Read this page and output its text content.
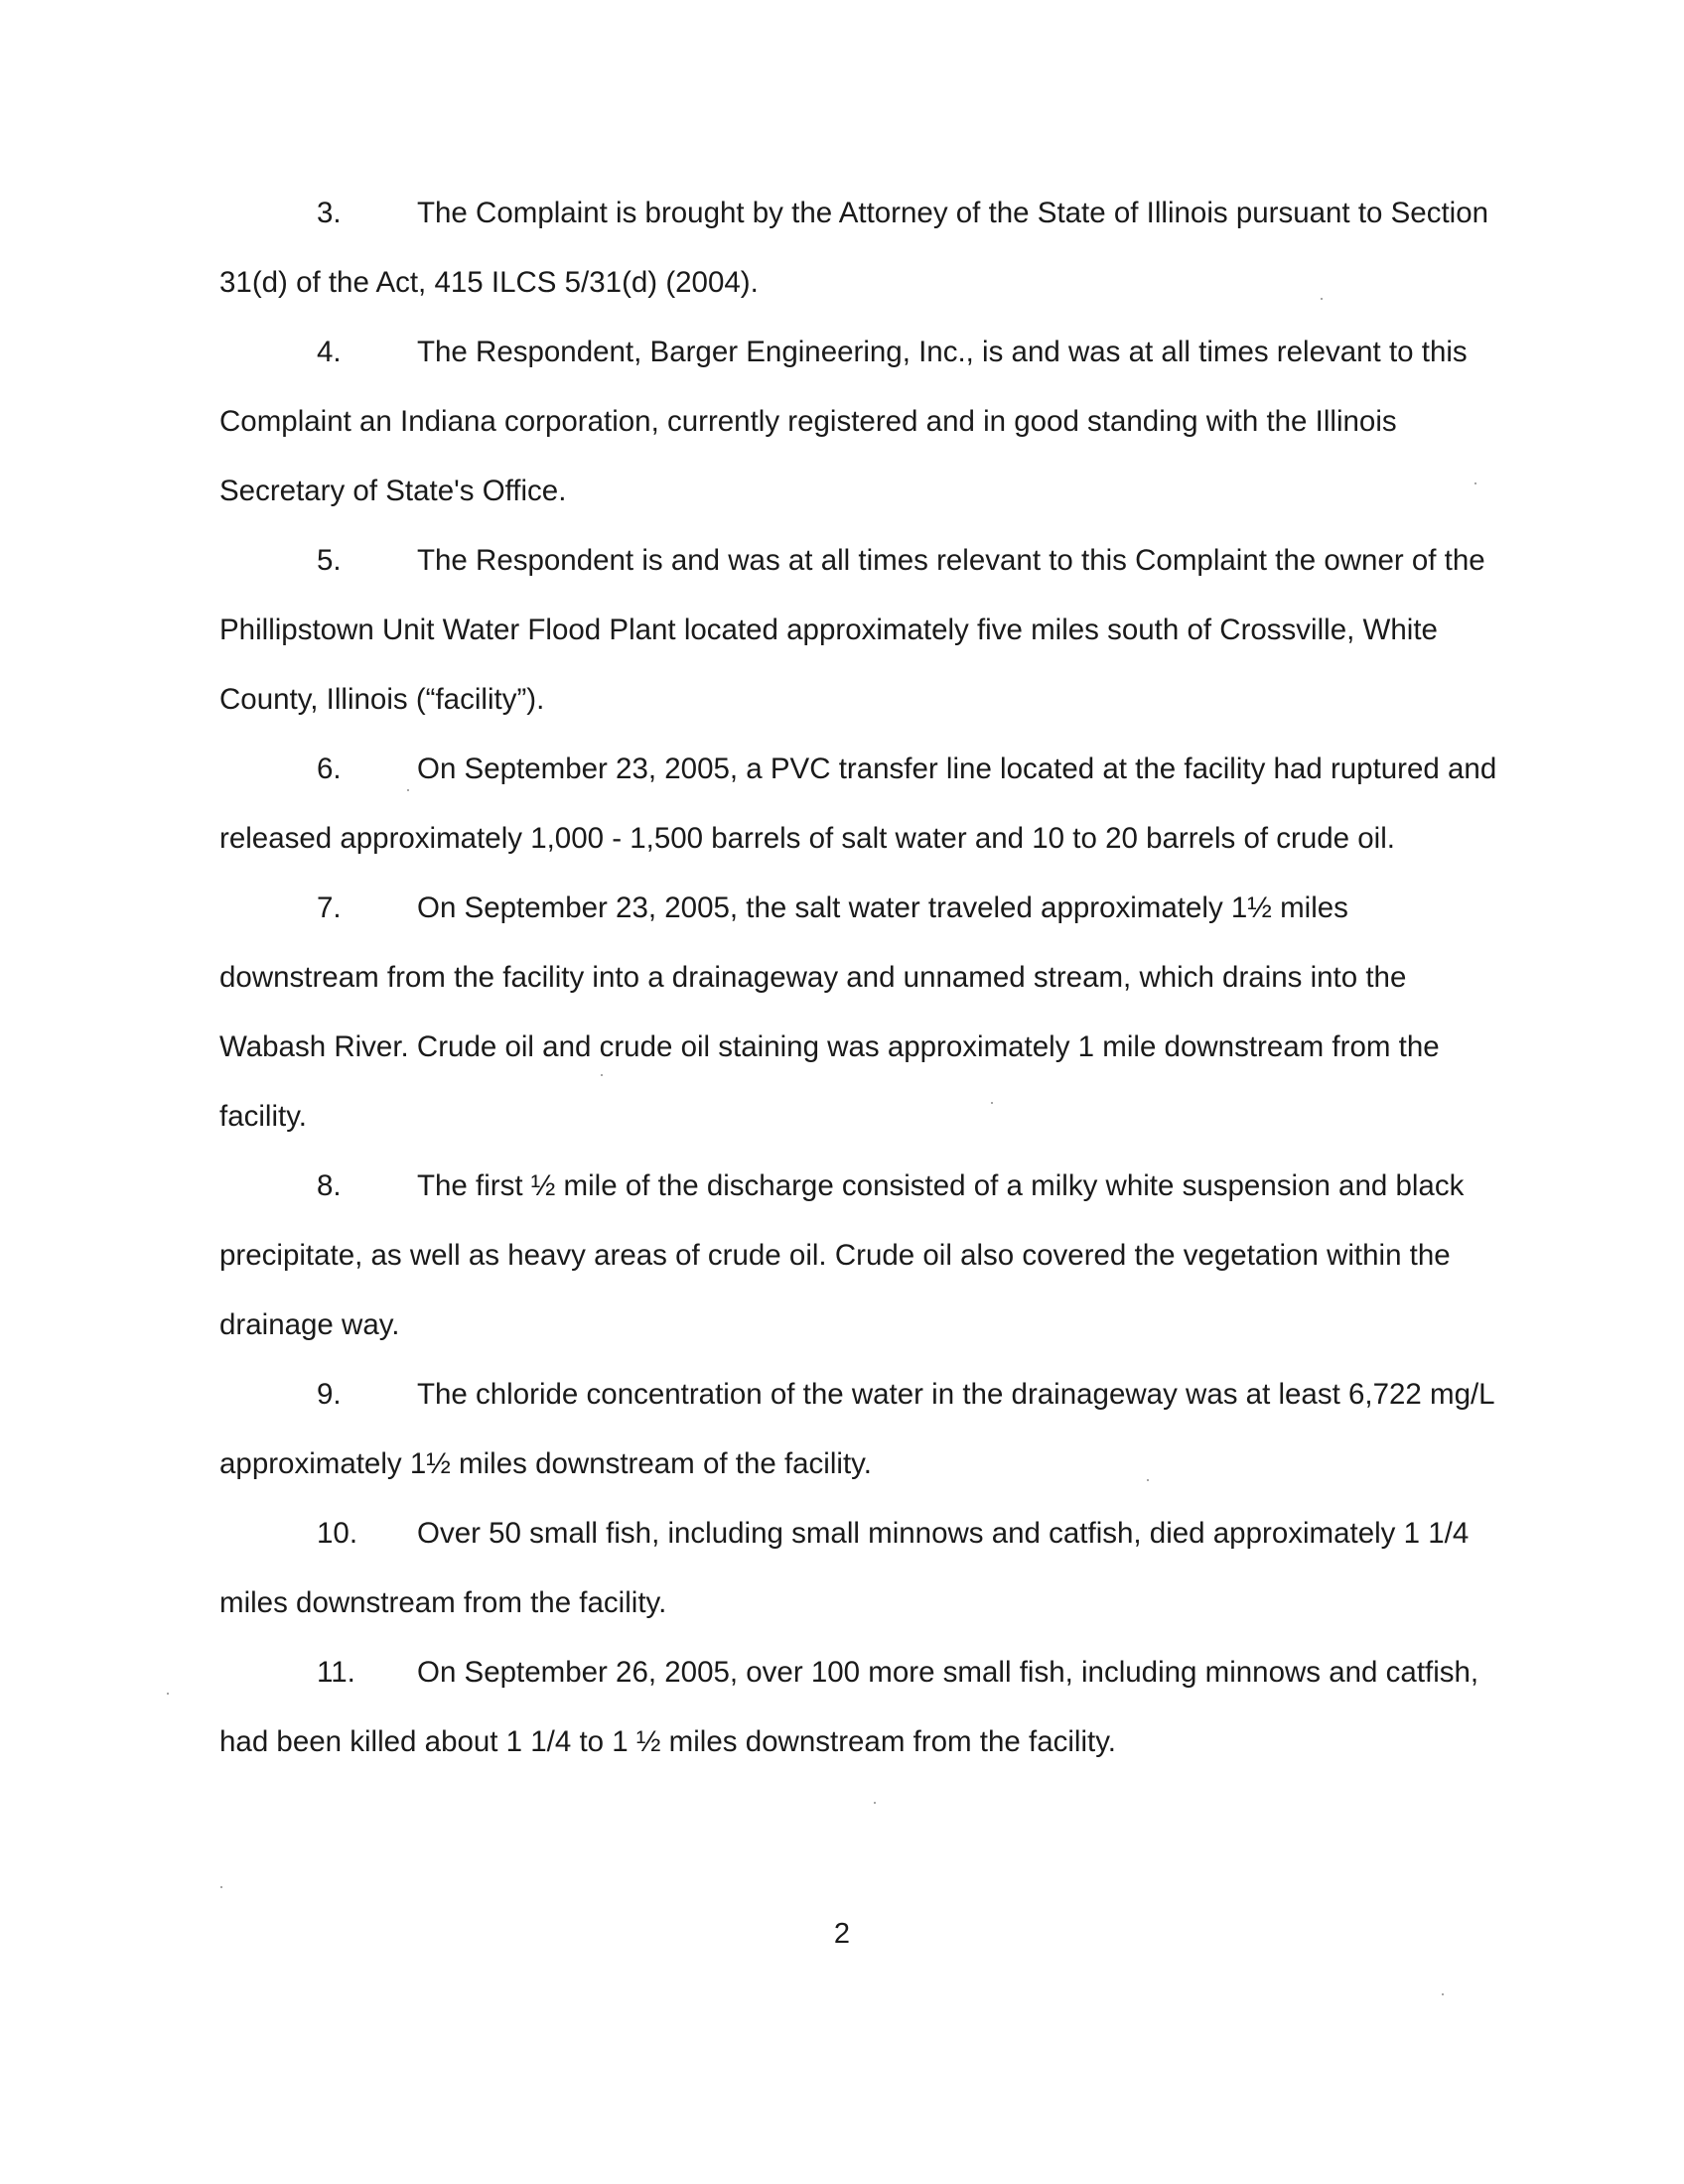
3.	The Complaint is brought by the Attorney of the State of Illinois pursuant to Section 31(d) of the Act, 415 ILCS 5/31(d) (2004).

4.	The Respondent, Barger Engineering, Inc., is and was at all times relevant to this Complaint an Indiana corporation, currently registered and in good standing with the Illinois Secretary of State's Office.

5.	The Respondent is and was at all times relevant to this Complaint the owner of the Phillipstown Unit Water Flood Plant located approximately five miles south of Crossville, White County, Illinois (“facility”).

6.	On September 23, 2005, a PVC transfer line located at the facility had ruptured and released approximately 1,000 - 1,500 barrels of salt water and 10 to 20 barrels of crude oil.

7.	On September 23, 2005, the salt water traveled approximately 1½ miles downstream from the facility into a drainageway and unnamed stream, which drains into the Wabash River. Crude oil and crude oil staining was approximately 1 mile downstream from the facility.

8.	The first ½ mile of the discharge consisted of a milky white suspension and black precipitate, as well as heavy areas of crude oil. Crude oil also covered the vegetation within the drainage way.

9.	The chloride concentration of the water in the drainageway was at least 6,722 mg/L approximately 1½ miles downstream of the facility.

10. Over 50 small fish, including small minnows and catfish, died approximately 1 1/4 miles downstream from the facility.

11. On September 26, 2005, over 100 more small fish, including minnows and catfish, had been killed about 1 1/4 to 1 ½ miles downstream from the facility.

2
